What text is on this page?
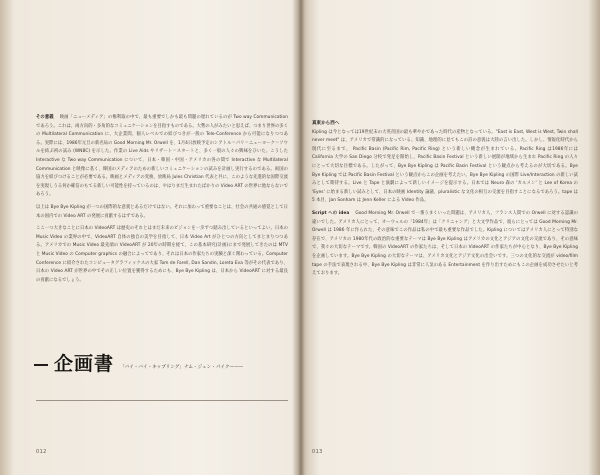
その意義 映画「ニューメディア」の権利取の中で、最も重要でしかも最も問題の遅れているのが Two way Communication であろう。これは、両方向的・多角的なコミュニケーションを目指すものである。大勢の人がみたいと思えば、つまり世界の多くの Multilateral Communication に、大企業間、個人レベルでの結びつきが一般の Tele-Conference から可能になりつつある。実際には、1986年元旦の新名局の Good Morning Mr. Orwell を、1月4日放映予定のシアトル＝パリ＝ニューヨーク＝ソウルを結ぶ初の試み (WNBC) を示した。作業の Live Aids やリザート＝スタートと、多く一般の人々の興味をひいた。こうした Interactive な Two way Communication について、日本・韓国・中国・アメリカの各の間で Interactive な Multilateral Communication と映像に基く、韓国のメディアのための新しいコミュニケーションの試みを計画し実行するのである。両国の協力を結びつけることが必要である。映画とメディアの変換、放映局 Jules Christian 代表と共に、このような先進的な国際交流を実現しうる何か確信のもてる新しい可能性を持っているのは、やはりまだ生まれたばかりの Video ART の世界に他ならないであろう。

以上は Bye Bye Kipling が一つの国際的な意義とあるだけではない。それに加わって重要なことは、社会の共通の感覚として日本の国内での Video ART の発展に貢献するはずである。

ここ一つ大きなことに日本の VideoART は歴史のそれとはまだ未来のビジョンを一歩ずつ踏み出しているといってよい。日本の Music Video の業界の中で、VideoART 自体の独自の美学を目指して、日本 Video Art がひとつの方向としてまとまりつつある。アメリカでの Music Video 最先端の VideoART が 20年の時期を経て、この基本研究(計画)にまで発展してきたのは MTV と Music Video の Computer graphics の融合によってであり、それは日本の作家たちの実験と深く関わっている。Computer Conference に紹介されたコンピュータグラフィックスの大家 Tom de Farell, Dan Sandin, Loreta Eva 等がその代表であり、日本の Video ART が世界の中でその正しい位置を獲得するためにも、Bye Bye Kipling は、日本から VideoART に対する最良の貢献になるでしょう。

企画書 「バイ・バイ・キップリング」ナム・ジュン・パイク———
012

真東から西へ
Kipling は今となっては19世紀末の大英帝国の最も華やかであった時代の産物となっている。"East is East, West is West, Twin shall never meet" は、アメリカで常識的になっている。知識、地理的に見てもこの詩の意義は大陸の言い出した。しかし、情報化時代から現代に至るまで、 Pacific Basin (Pacific Rim, Pacific Ring) という新しい概念が生まれている。Pacific Ring は1986年には California 大学の San Diego 分校で発足を開始し、Pacific Basin Festival という新しい展開が地域から生まれ Pacific Ring の人々にとって大切な目標である。したがって、Bye Bye Kipling は Pacific Basin Festival という観点から考えるのが大切である。Bye Bye Kipling では Pacific Basin Festival という観点からこの企画を考えたい。Bye Bye Kipling の国際 Live/Interaction の新しい試みとして期待する。Live と Tape と演劇によって新しいイメージを提示する。日本では Neuro 森の 'カルメン' と Lee of Korea の 'Eyes' に始まる新しい試みとして、日本の映画 Identity 論議、pluralistic な文化の相互の交流を目指すことになるであろう。tape は 5 本目、Jan Sonham は Jenn Keller による Video 作品。

Script への idea Good Morning Mr. Orwell で一番うまくいった問題は、アメリカ人、フランス人間での Orwell に対する認識の違いでした。アメリカ人にとって、オーウェルの「1984年」は「クリニャング」と大文学作品で、彼らにとっては Good Morning Mr. Orwell は 1986 年に作られた、その意味でこの作品は私の中で最も重要な作品でした。Kipling についてはアメリカ人にとって特別な存在で、アメリカの 1980年代の政治的な重要なテーマは Bye Bye Kipling はアメリカの文化とアジアの文化の交流であり、その意味で、我々の大切なテーマです。韓国の VideoART の作家たちは、そして日本の VideoART の作家たちが中心となり、Bye Bye Kipling を企画しています。Bye Bye Kipling の大切なテーマは、アメリカ文化とアジア文化の出会いです。三つの文化的な交流が video/film tape の手法で表現される中、Bye Bye Kipling は非常に人気のある Entertainment を作り出すためにもこの企画を成功させたいと考えております。

013
